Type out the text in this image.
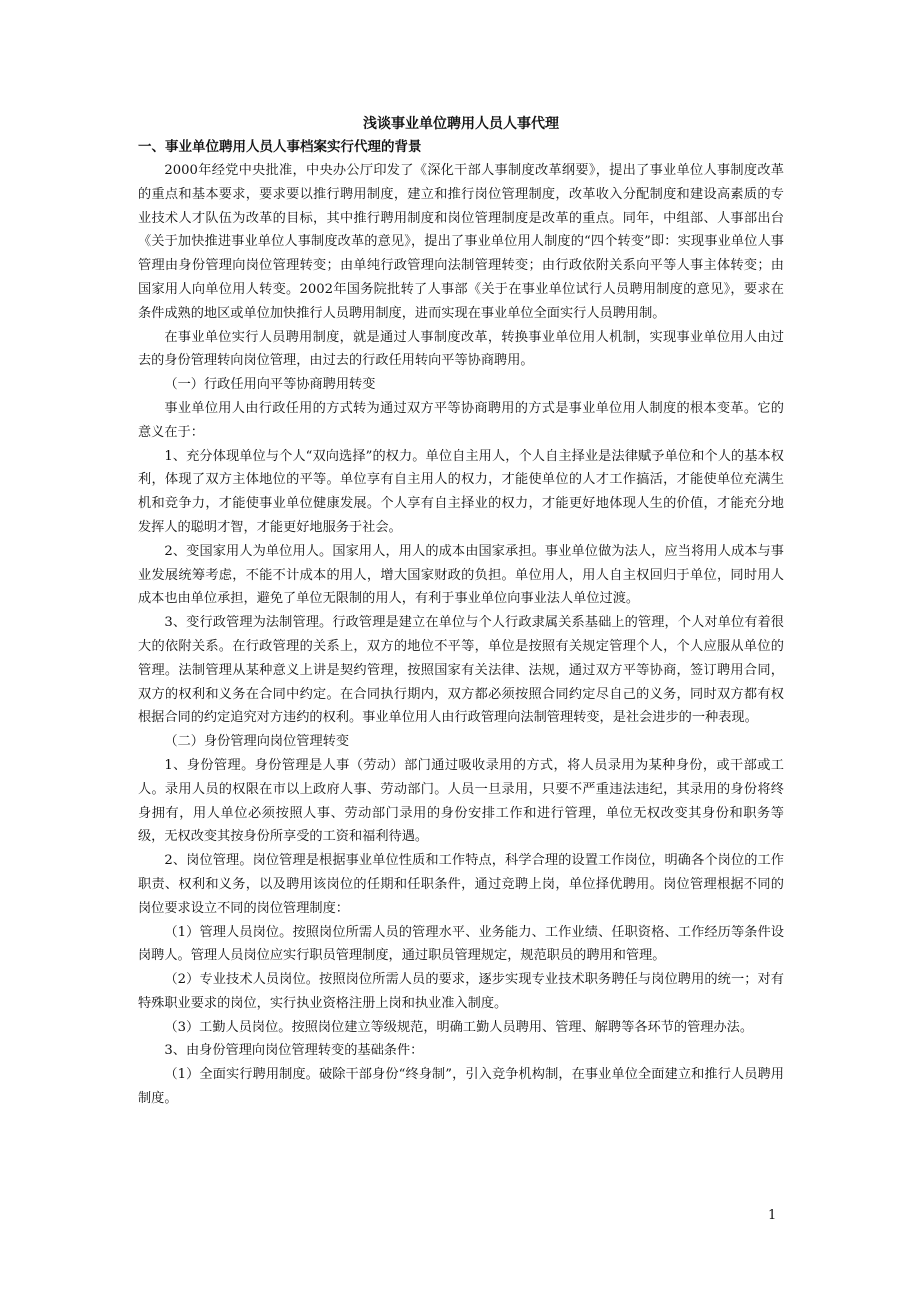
浅谈事业单位聘用人员人事代理
一、事业单位聘用人员人事档案实行代理的背景

2000年经党中央批准，中央办公厅印发了《深化干部人事制度改革纲要》，提出了事业单位人事制度改革的重点和基本要求，要求要以推行聘用制度，建立和推行岗位管理制度，改革收入分配制度和建设高素质的专业技术人才队伍为改革的目标，其中推行聘用制度和岗位管理制度是改革的重点。同年，中组部、人事部出台《关于加快推进事业单位人事制度改革的意见》，提出了事业单位用人制度的“四个转变”即：实现事业单位人事管理由身份管理向岗位管理转变；由单纯行政管理向法制管理转变；由行政依附关系向平等人事主体转变；由国家用人向单位用人转变。2002年国务院批转了人事部《关于在事业单位试行人员聘用制度的意见》，要求在条件成熟的地区或单位加快推行人员聘用制度，进而实现在事业单位全面实行人员聘用制。

在事业单位实行人员聘用制度，就是通过人事制度改革，转换事业单位用人机制，实现事业单位用人由过去的身份管理转向岗位管理，由过去的行政任用转向平等协商聘用。

（一）行政任用向平等协商聘用转变

事业单位用人由行政任用的方式转为通过双方平等协商聘用的方式是事业单位用人制度的根本变革。它的意义在于：

1、充分体现单位与个人“双向选择”的权力。单位自主用人，个人自主择业是法律赋予单位和个人的基本权利，体现了双方主体地位的平等。单位享有自主用人的权力，才能使单位的人才工作搞活，才能使单位充满生机和竞争力，才能使事业单位健康发展。个人享有自主择业的权力，才能更好地体现人生的价值，才能充分地发挥人的聪明才智，才能更好地服务于社会。

2、变国家用人为单位用人。国家用人，用人的成本由国家承担。事业单位做为法人，应当将用人成本与事业发展统筹考虑，不能不计成本的用人，增大国家财政的负担。单位用人，用人自主权回归于单位，同时用人成本也由单位承担，避免了单位无限制的用人，有利于事业单位向事业法人单位过渡。

3、变行政管理为法制管理。行政管理是建立在单位与个人行政隶属关系基础上的管理，个人对单位有着很大的依附关系。在行政管理的关系上，双方的地位不平等，单位是按照有关规定管理个人，个人应服从单位的管理。法制管理从某种意义上讲是契约管理，按照国家有关法律、法规，通过双方平等协商，签订聘用合同，双方的权利和义务在合同中约定。在合同执行期内，双方都必须按照合同约定尽自己的义务，同时双方都有权根据合同的约定追究对方违约的权利。事业单位用人由行政管理向法制管理转变，是社会进步的一种表现。

（二）身份管理向岗位管理转变

1、身份管理。身份管理是人事（劳动）部门通过吸收录用的方式，将人员录用为某种身份，或干部或工人。录用人员的权限在市以上政府人事、劳动部门。人员一旦录用，只要不严重违法违纪，其录用的身份将终身拥有，用人单位必须按照人事、劳动部门录用的身份安排工作和进行管理，单位无权改变其身份和职务等级，无权改变其按身份所享受的工资和福利待遇。

2、岗位管理。岗位管理是根据事业单位性质和工作特点，科学合理的设置工作岗位，明确各个岗位的工作职责、权利和义务，以及聘用该岗位的任期和任职条件，通过竞聘上岗，单位择优聘用。岗位管理根据不同的岗位要求设立不同的岗位管理制度：

（1）管理人员岗位。按照岗位所需人员的管理水平、业务能力、工作业绩、任职资格、工作经历等条件设岗聘人。管理人员岗位应实行职员管理制度，通过职员管理规定，规范职员的聘用和管理。

（2）专业技术人员岗位。按照岗位所需人员的要求，逐步实现专业技术职务聘任与岗位聘用的统一；对有特殊职业要求的岗位，实行执业资格注册上岗和执业准入制度。

（3）工勤人员岗位。按照岗位建立等级规范，明确工勤人员聘用、管理、解聘等各环节的管理办法。

3、由身份管理向岗位管理转变的基础条件：

（1）全面实行聘用制度。破除干部身份“终身制”，引入竞争机构制，在事业单位全面建立和推行人员聘用制度。

1
